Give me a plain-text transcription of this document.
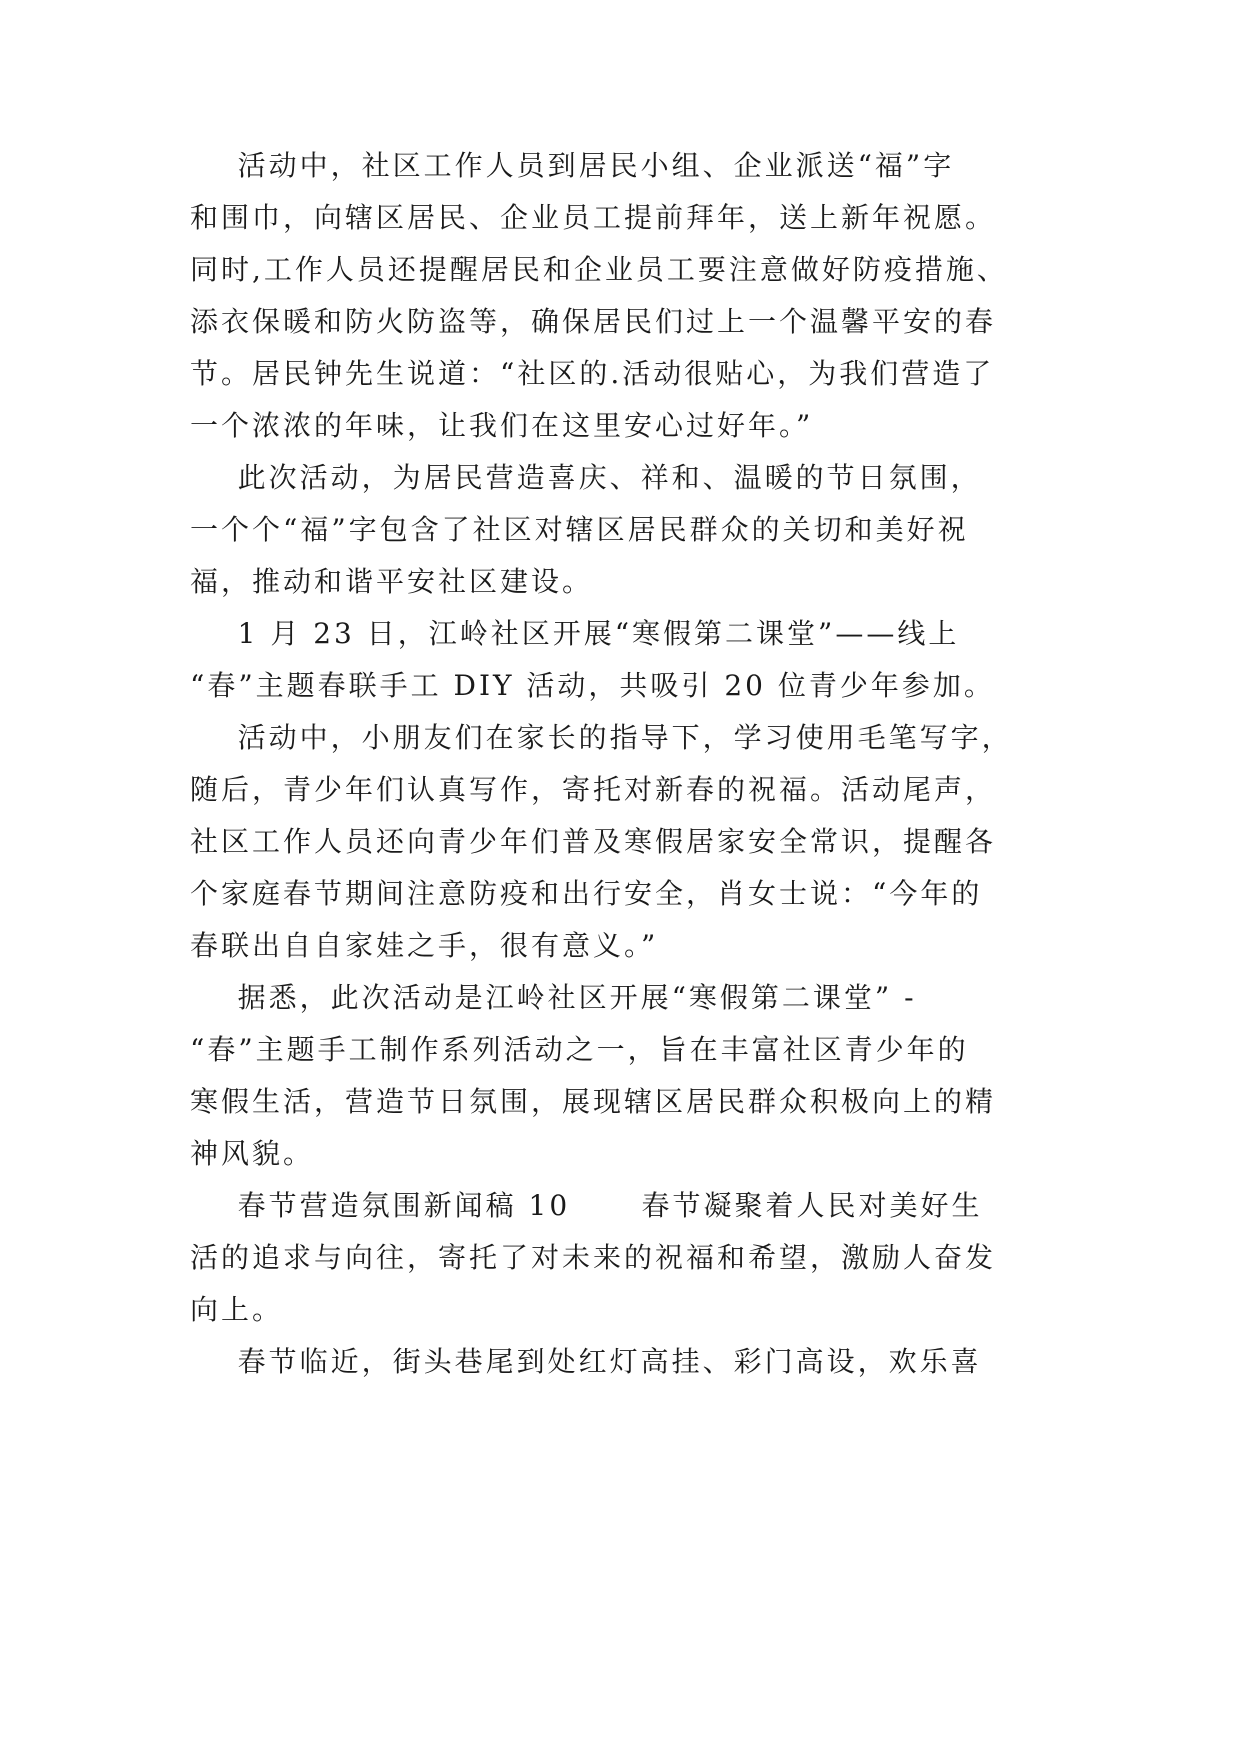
活动中，社区工作人员到居民小组、企业派送“福”字
和围巾，向辖区居民、企业员工提前拜年，送上新年祝愿。
同时,工作人员还提醒居民和企业员工要注意做好防疫措施、
添衣保暖和防火防盗等，确保居民们过上一个温馨平安的春
节。居民钟先生说道：“社区的.活动很贴心，为我们营造了
一个浓浓的年味，让我们在这里安心过好年。”
此次活动，为居民营造喜庆、祥和、温暖的节日氛围，
一个个“福”字包含了社区对辖区居民群众的关切和美好祝
福，推动和谐平安社区建设。
1 月 23 日，江岭社区开展“寒假第二课堂”——线上
“春”主题春联手工 DIY 活动，共吸引 20 位青少年参加。
活动中，小朋友们在家长的指导下，学习使用毛笔写字，
随后，青少年们认真写作，寄托对新春的祝福。活动尾声，
社区工作人员还向青少年们普及寒假居家安全常识，提醒各
个家庭春节期间注意防疫和出行安全，肖女士说：“今年的
春联出自自家娃之手，很有意义。”
据悉，此次活动是江岭社区开展“寒假第二课堂” -
“春”主题手工制作系列活动之一，旨在丰富社区青少年的
寒假生活，营造节日氛围，展现辖区居民群众积极向上的精
神风貌。
春节营造氛围新闻稿 10      春节凝聚着人民对美好生
活的追求与向往，寄托了对未来的祝福和希望，激励人奋发
向上。
春节临近，街头巷尾到处红灯高挂、彩门高设，欢乐喜
